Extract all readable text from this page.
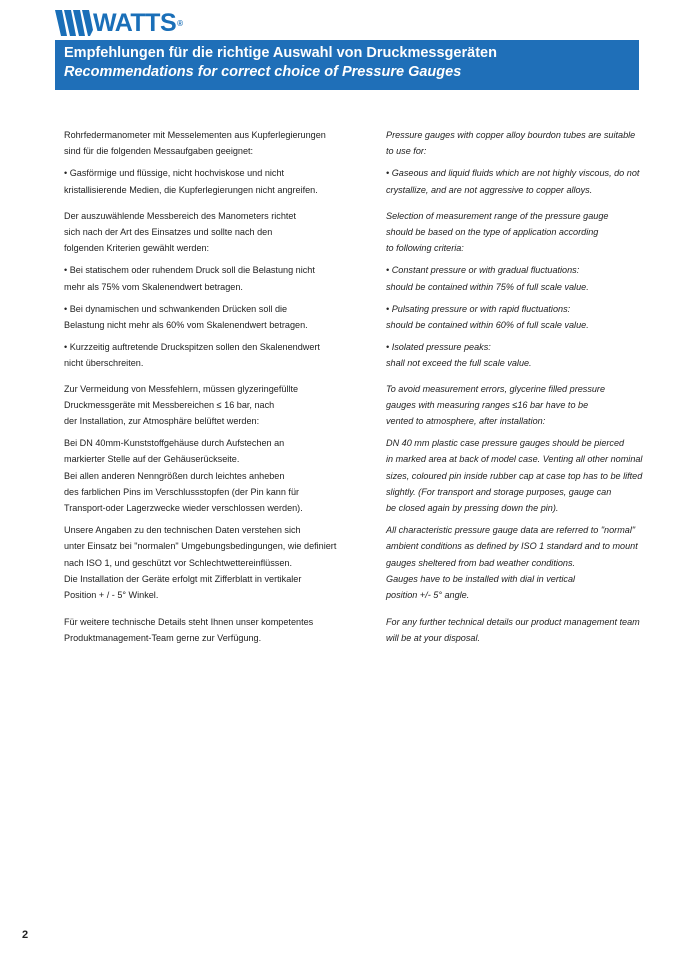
WATTS ®
Empfehlungen für die richtige Auswahl von Druckmessgeräten
Recommendations for correct choice of Pressure Gauges

Rohrfedermanometer mit Messelementen aus Kupferlegierungen
sind für die folgenden Messaufgaben geeignet:

• Gasförmige und flüssige, nicht hochviskose und nicht
kristallisierende Medien, die Kupferlegierungen nicht angreifen.

Der auszuwählende Messbereich des Manometers richtet
sich nach der Art des Einsatzes und sollte nach den
folgenden Kriterien gewählt werden:

• Bei statischem oder ruhendem Druck soll die Belastung nicht
mehr als 75% vom Skalenendwert betragen.

• Bei dynamischen und schwankenden Drücken soll die
Belastung nicht mehr als 60% vom Skalenendwert betragen.

• Kurzzeitig auftretende Druckspitzen sollen den Skalenendwert
nicht überschreiten.

Zur Vermeidung von Messfehlern, müssen glyzeringefüllte
Druckmessgeräte mit Messbereichen ≤ 16 bar, nach
der Installation, zur Atmosphäre belüftet werden:

Bei DN 40mm-Kunststoffgehäuse durch Aufstechen an
markierter Stelle auf der Gehäuserückseite.
Bei allen anderen Nenngrößen durch leichtes anheben
des farblichen Pins im Verschlussstopfen (der Pin kann für
Transport-oder Lagerzwecke wieder verschlossen werden).

Unsere Angaben zu den technischen Daten verstehen sich
unter Einsatz bei "normalen" Umgebungsbedingungen, wie definiert
nach ISO 1, und geschützt vor Schlechtwettereinflüssen.
Die Installation der Geräte erfolgt mit Zifferblatt in vertikaler
Position + / - 5° Winkel.

Für weitere technische Details steht Ihnen unser kompetentes
Produktmanagement-Team gerne zur Verfügung.

Pressure gauges with copper alloy bourdon tubes are suitable
to use for:

• Gaseous and liquid fluids which are not highly viscous, do not
crystallize, and are not aggressive to copper alloys.

Selection of measurement range of the pressure gauge
should be based on the type of application according
to following criteria:

• Constant pressure or with gradual fluctuations:
should be contained within 75% of full scale value.

• Pulsating pressure or with rapid fluctuations:
should be contained within 60% of full scale value.

• Isolated pressure peaks:
shall not exceed the full scale value.

To avoid measurement errors, glycerine filled pressure
gauges with measuring ranges ≤16 bar have to be
vented to atmosphere, after installation:

DN 40 mm plastic case pressure gauges should be pierced
in marked area at back of model case. Venting all other nominal
sizes, coloured pin inside rubber cap at case top has to be lifted
slightly. (For transport and storage purposes, gauge can
be closed again by pressing down the pin).

All characteristic pressure gauge data are referred to "normal"
ambient conditions as defined by ISO 1 standard and to mount
gauges sheltered from bad weather conditions.
Gauges have to be installed with dial in vertical
position +/- 5° angle.

For any further technical details our product management team
will be at your disposal.

2
